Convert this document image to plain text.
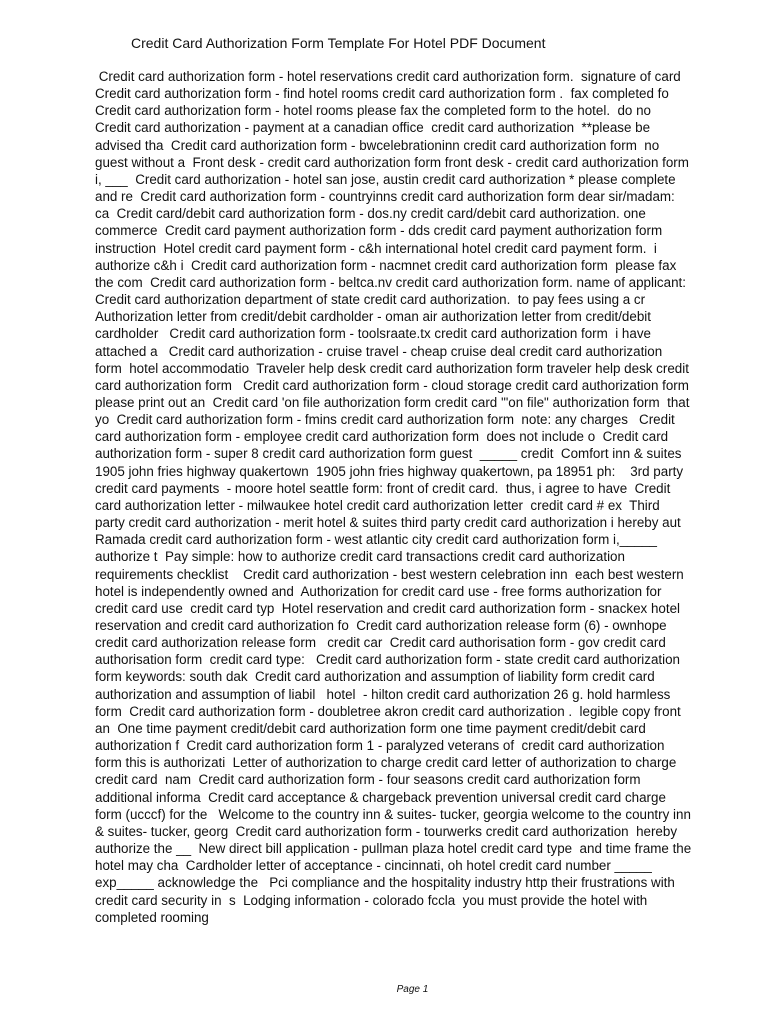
Credit Card Authorization Form Template For Hotel PDF Document
Credit card authorization form - hotel reservations credit card authorization form.  signature of card
Credit card authorization form - find hotel rooms credit card authorization form .  fax completed fo
Credit card authorization form - hotel rooms please fax the completed form to the hotel.  do no
Credit card authorization - payment at a canadian office  credit card authorization  **please be
advised tha  Credit card authorization form - bwcelebrationinn credit card authorization form  no
guest without a  Front desk - credit card authorization form front desk - credit card authorization form
i, ___  Credit card authorization - hotel san jose, austin credit card authorization * please complete
and re  Credit card authorization form - countryinns credit card authorization form dear sir/madam:
ca  Credit card/debit card authorization form - dos.ny credit card/debit card authorization. one
commerce  Credit card payment authorization form - dds credit card payment authorization form
instruction  Hotel credit card payment form - c&h international hotel credit card payment form.  i
authorize c&h i  Credit card authorization form - nacmnet credit card authorization form  please fax
the com  Credit card authorization form - beltca.nv credit card authorization form. name of applicant:
Credit card authorization department of state credit card authorization.  to pay fees using a cr
Authorization letter from credit/debit cardholder - oman air authorization letter from credit/debit
cardholder   Credit card authorization form - toolsraate.tx credit card authorization form  i have
attached a   Credit card authorization - cruise travel - cheap cruise deal credit card authorization
form  hotel accommodatio  Traveler help desk credit card authorization form traveler help desk credit
card authorization form   Credit card authorization form - cloud storage credit card authorization form
please print out an  Credit card 'on file authorization form credit card '"on file" authorization form  that
yo  Credit card authorization form - fmins credit card authorization form  note: any charges   Credit
card authorization form - employee credit card authorization form  does not include o  Credit card
authorization form - super 8 credit card authorization form guest  _____ credit  Comfort inn & suites
1905 john fries highway quakertown  1905 john fries highway quakertown, pa 18951 ph:    3rd party
credit card payments  - moore hotel seattle form: front of credit card.  thus, i agree to have  Credit
card authorization letter - milwaukee hotel credit card authorization letter  credit card # ex  Third
party credit card authorization - merit hotel & suites third party credit card authorization i hereby aut
Ramada credit card authorization form - west atlantic city credit card authorization form i,_____
authorize t  Pay simple: how to authorize credit card transactions credit card authorization
requirements checklist    Credit card authorization - best western celebration inn  each best western
hotel is independently owned and  Authorization for credit card use - free forms authorization for
credit card use  credit card typ  Hotel reservation and credit card authorization form - snackex hotel
reservation and credit card authorization fo  Credit card authorization release form (6) - ownhope
credit card authorization release form   credit car  Credit card authorisation form - gov credit card
authorisation form  credit card type:   Credit card authorization form - state credit card authorization
form keywords: south dak  Credit card authorization and assumption of liability form credit card
authorization and assumption of liabil   hotel  - hilton credit card authorization 26 g. hold harmless
form  Credit card authorization form - doubletree akron credit card authorization .  legible copy front
an  One time payment credit/debit card authorization form one time payment credit/debit card
authorization f  Credit card authorization form 1 - paralyzed veterans of  credit card authorization
form this is authorizati  Letter of authorization to charge credit card letter of authorization to charge
credit card  nam  Credit card authorization form - four seasons credit card authorization form
additional informa  Credit card acceptance & chargeback prevention universal credit card charge
form (ucccf) for the   Welcome to the country inn & suites- tucker, georgia welcome to the country inn
& suites- tucker, georg  Credit card authorization form - tourwerks credit card authorization  hereby
authorize the __  New direct bill application - pullman plaza hotel credit card type  and time frame the
hotel may cha  Cardholder letter of acceptance - cincinnati, oh hotel credit card number _____
exp_____ acknowledge the   Pci compliance and the hospitality industry http their frustrations with
credit card security in  s  Lodging information - colorado fccla  you must provide the hotel with
completed rooming
Page 1
